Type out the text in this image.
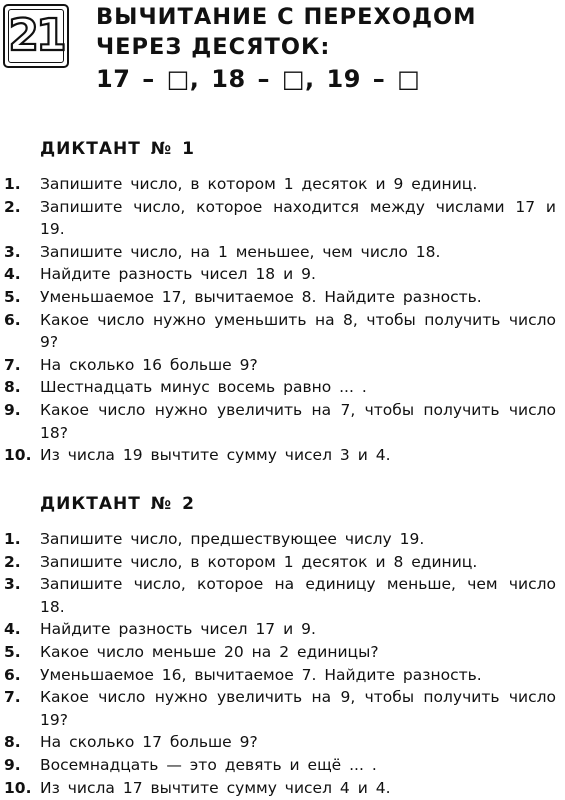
21 ВЫЧИТАНИЕ С ПЕРЕХОДОМ
ЧЕРЕЗ ДЕСЯТОК:
17 – □, 18 – □, 19 – □
ДИКТАНТ № 1
1. Запишите число, в котором 1 десяток и 9 единиц.
2. Запишите число, которое находится между числами 17 и 19.
3. Запишите число, на 1 меньшее, чем число 18.
4. Найдите разность чисел 18 и 9.
5. Уменьшаемое 17, вычитаемое 8. Найдите разность.
6. Какое число нужно уменьшить на 8, чтобы получить число 9?
7. На сколько 16 больше 9?
8. Шестнадцать минус восемь равно ... .
9. Какое число нужно увеличить на 7, чтобы получить число 18?
10. Из числа 19 вычтите сумму чисел 3 и 4.
ДИКТАНТ № 2
1. Запишите число, предшествующее числу 19.
2. Запишите число, в котором 1 десяток и 8 единиц.
3. Запишите число, которое на единицу меньше, чем число 18.
4. Найдите разность чисел 17 и 9.
5. Какое число меньше 20 на 2 единицы?
6. Уменьшаемое 16, вычитаемое 7. Найдите разность.
7. Какое число нужно увеличить на 9, чтобы получить число 19?
8. На сколько 17 больше 9?
9. Восемнадцать — это девять и ещё ... .
10. Из числа 17 вычтите сумму чисел 4 и 4.
